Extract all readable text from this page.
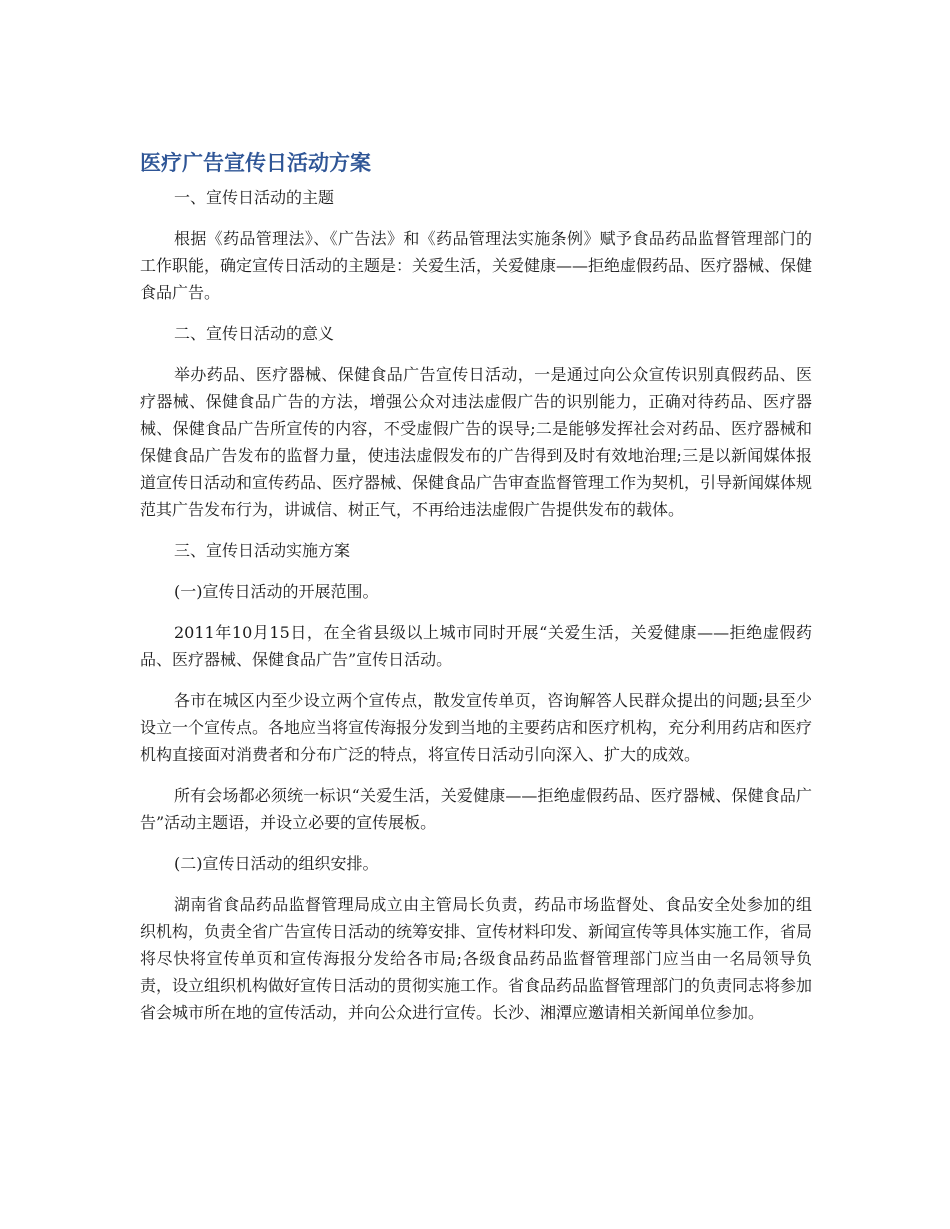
医疗广告宣传日活动方案

一、宣传日活动的主题

根据《药品管理法》、《广告法》和《药品管理法实施条例》赋予食品药品监督管理部门的工作职能，确定宣传日活动的主题是：关爱生活，关爱健康——拒绝虚假药品、医疗器械、保健食品广告。

二、宣传日活动的意义

举办药品、医疗器械、保健食品广告宣传日活动，一是通过向公众宣传识别真假药品、医疗器械、保健食品广告的方法，增强公众对违法虚假广告的识别能力，正确对待药品、医疗器械、保健食品广告所宣传的内容，不受虚假广告的误导;二是能够发挥社会对药品、医疗器械和保健食品广告发布的监督力量，使违法虚假发布的广告得到及时有效地治理;三是以新闻媒体报道宣传日活动和宣传药品、医疗器械、保健食品广告审查监督管理工作为契机，引导新闻媒体规范其广告发布行为，讲诚信、树正气，不再给违法虚假广告提供发布的载体。

三、宣传日活动实施方案

(一)宣传日活动的开展范围。

2011年10月15日，在全省县级以上城市同时开展“关爱生活，关爱健康——拒绝虚假药品、医疗器械、保健食品广告”宣传日活动。

各市在城区内至少设立两个宣传点，散发宣传单页，咨询解答人民群众提出的问题;县至少设立一个宣传点。各地应当将宣传海报分发到当地的主要药店和医疗机构，充分利用药店和医疗机构直接面对消费者和分布广泛的特点，将宣传日活动引向深入、扩大的成效。

所有会场都必须统一标识“关爱生活，关爱健康——拒绝虚假药品、医疗器械、保健食品广告”活动主题语，并设立必要的宣传展板。

(二)宣传日活动的组织安排。

湖南省食品药品监督管理局成立由主管局长负责，药品市场监督处、食品安全处参加的组织机构，负责全省广告宣传日活动的统筹安排、宣传材料印发、新闻宣传等具体实施工作，省局将尽快将宣传单页和宣传海报分发给各市局;各级食品药品监督管理部门应当由一名局领导负责，设立组织机构做好宣传日活动的贯彻实施工作。省食品药品监督管理部门的负责同志将参加省会城市所在地的宣传活动，并向公众进行宣传。长沙、湘潭应邀请相关新闻单位参加。
